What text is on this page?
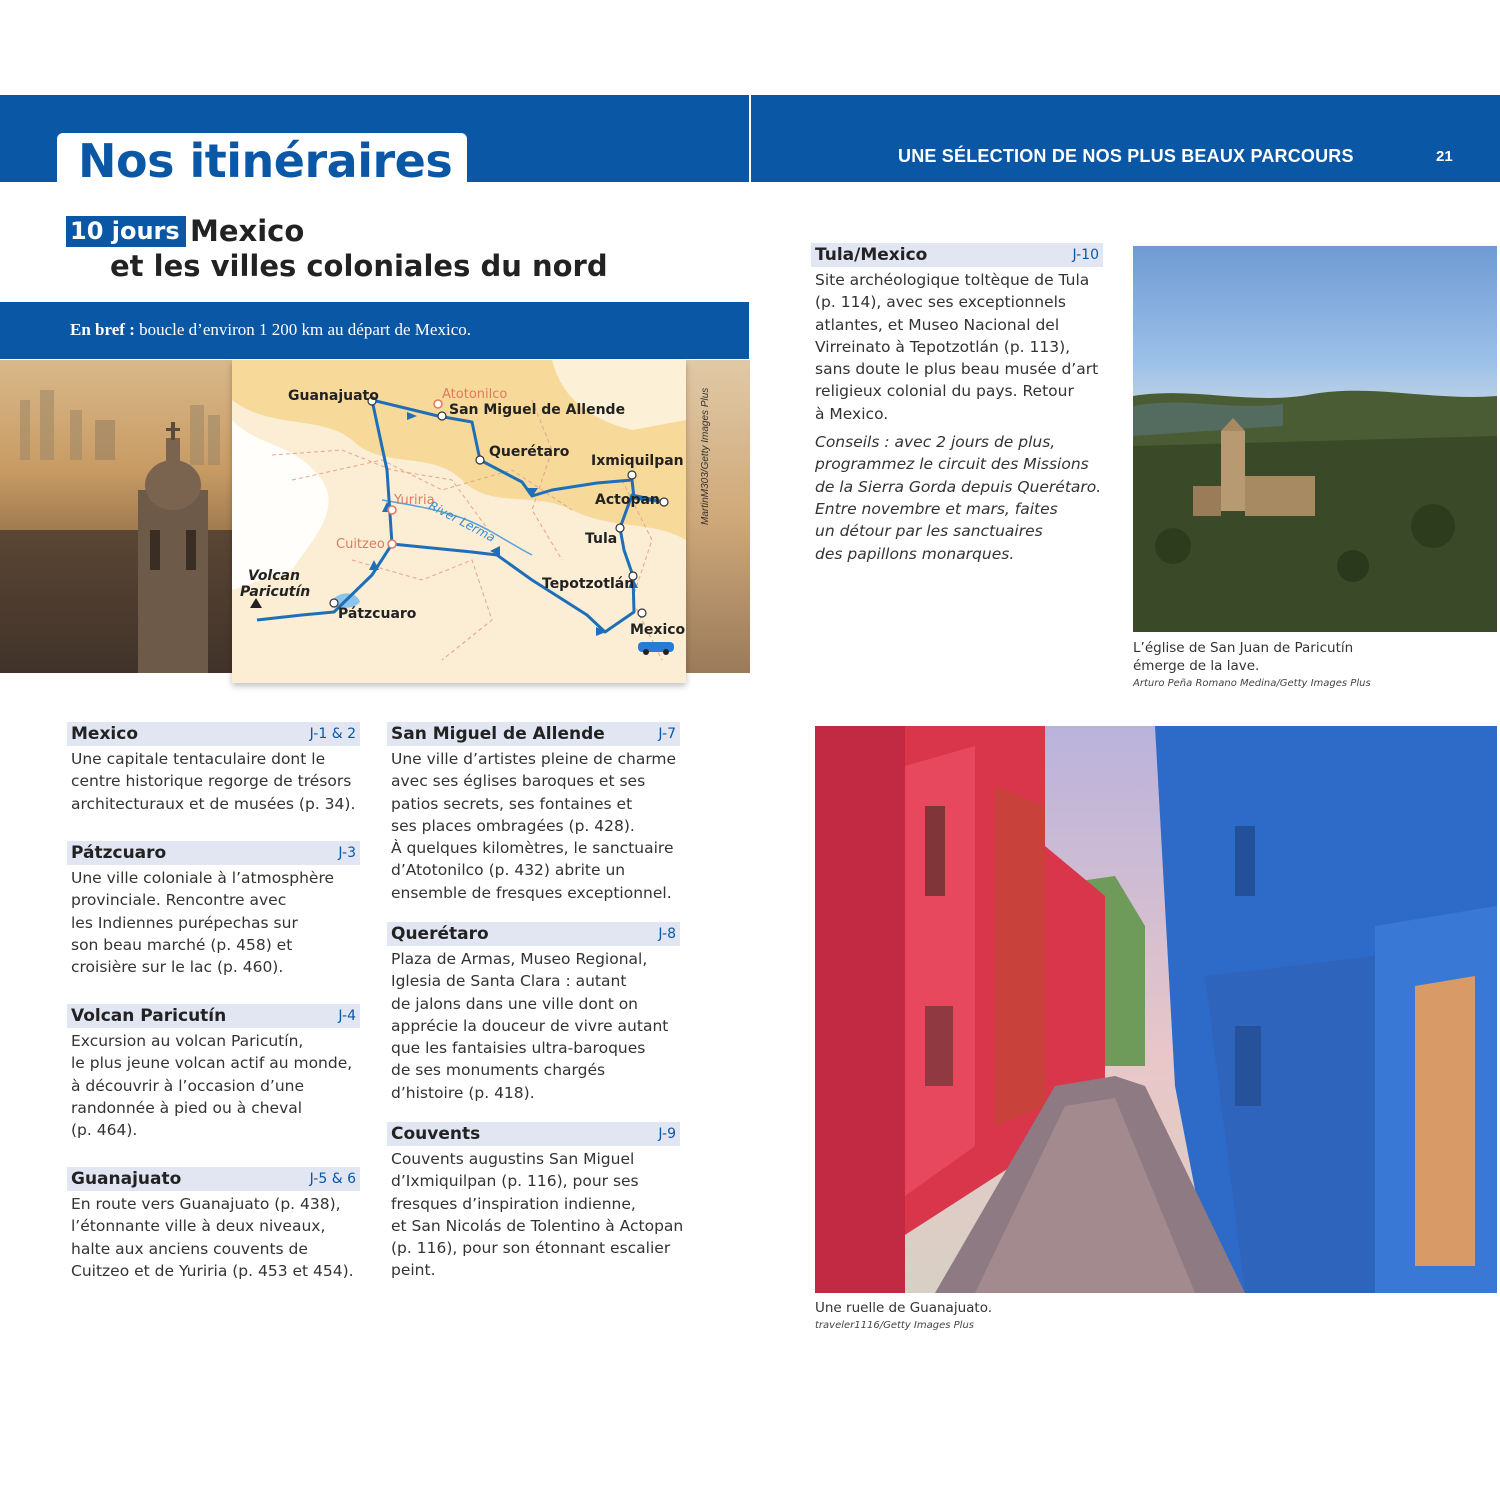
Nos itinéraires	UNE SÉLECTION DE NOS PLUS BEAUX PARCOURS	21
10 jours Mexico
et les villes coloniales du nord
En bref : boucle d’environ 1 200 km au départ de Mexico.
Guanajuato
San Miguel de Allende
Querétaro
Ixmiquilpan
Actopan
Tula
Tepotzotlán
Pátzcuaro
Mexico
Volcan
Paricutín
Atotonilco
Yuriria
Cuitzeo	River Lerma	MartinM303/Getty Images Plus
Mexico	J-1 & 2
Une capitale tentaculaire dont le
centre historique regorge de trésors
architecturaux et de musées (p. 34).
Pátzcuaro	J-3
Une ville coloniale à l’atmosphère
provinciale. Rencontre avec
les Indiennes purépechas sur
son beau marché (p. 458) et
croisière sur le lac (p. 460).
Volcan Paricutín	J-4
Excursion au volcan Paricutín,
le plus jeune volcan actif au monde,
à découvrir à l’occasion d’une
randonnée à pied ou à cheval
(p. 464).
Guanajuato	J-5 & 6
En route vers Guanajuato (p. 438),
l’étonnante ville à deux niveaux,
halte aux anciens couvents de
Cuitzeo et de Yuriria (p. 453 et 454).
San Miguel de Allende	J-7
Une ville d’artistes pleine de charme
avec ses églises baroques et ses
patios secrets, ses fontaines et
ses places ombragées (p. 428).
À quelques kilomètres, le sanctuaire
d’Atotonilco (p. 432) abrite un
ensemble de fresques exceptionnel.
Querétaro	J-8
Plaza de Armas, Museo Regional,
Iglesia de Santa Clara : autant
de jalons dans une ville dont on
apprécie la douceur de vivre autant
que les fantaisies ultra-baroques
de ses monuments chargés
d’histoire (p. 418).
Couvents	J-9
Couvents augustins San Miguel
d’Ixmiquilpan (p. 116), pour ses
fresques d’inspiration indienne,
et San Nicolás de Tolentino à Actopan
(p. 116), pour son étonnant escalier
peint.
Tula/Mexico	J-10
Site archéologique toltèque de Tula
(p. 114), avec ses exceptionnels
atlantes, et Museo Nacional del
Virreinato à Tepotzotlán (p. 113),
sans doute le plus beau musée d’art
religieux colonial du pays. Retour
à Mexico.
Conseils : avec 2 jours de plus,
programmez le circuit des Missions
de la Sierra Gorda depuis Querétaro.
Entre novembre et mars, faites
un détour par les sanctuaires
des papillons monarques.
L’église de San Juan de Paricutín
émerge de la lave.
Arturo Peña Romano Medina/Getty Images Plus
Une ruelle de Guanajuato.
traveler1116/Getty Images Plus
